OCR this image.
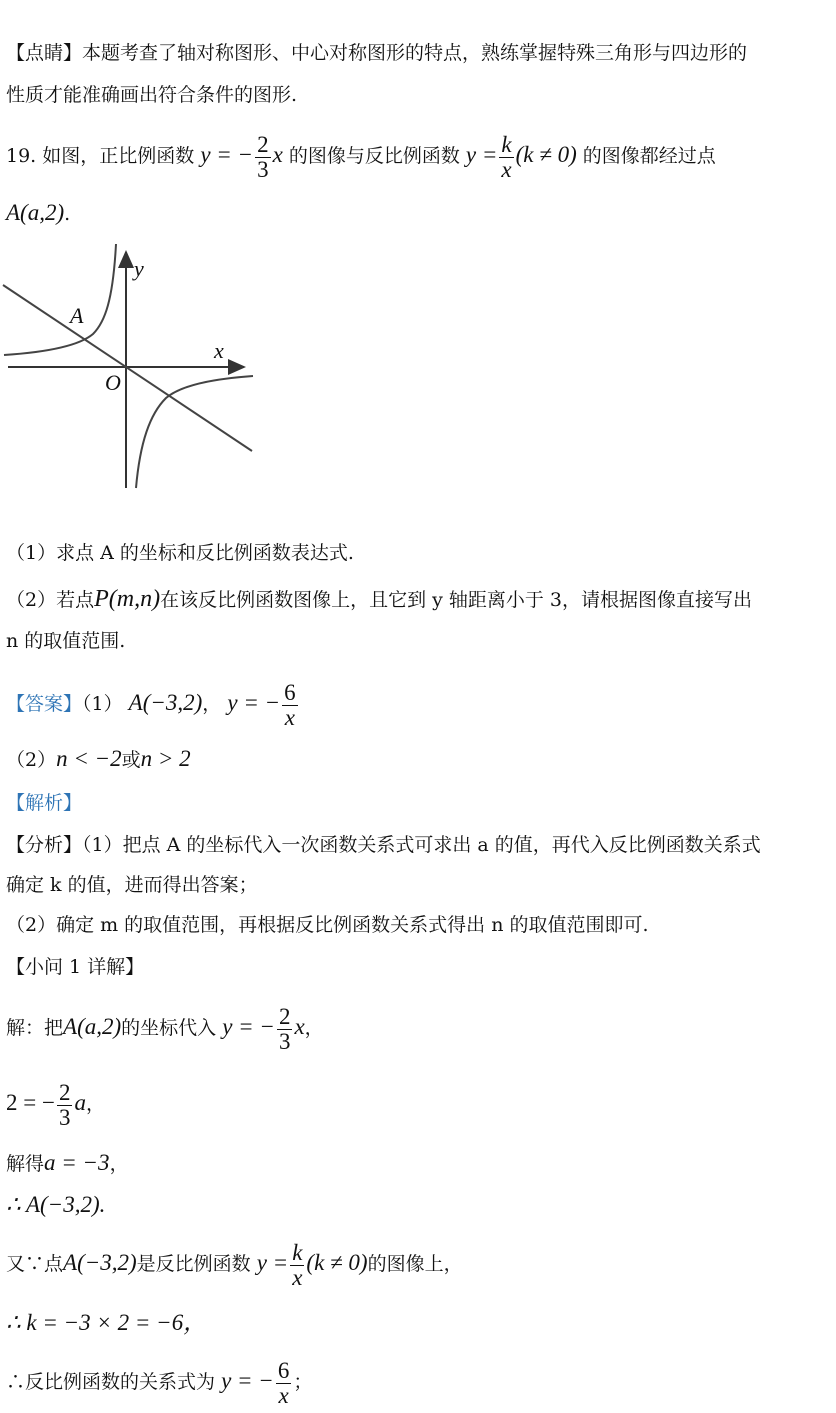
【点睛】本题考查了轴对称图形、中心对称图形的特点，熟练掌握特殊三角形与四边形的
性质才能准确画出符合条件的图形.
19. 如图，正比例函数 y = − $\frac{2}{3}$ x 的图像与反比例函数 $y = \frac{k}{x} (k \ne 0)$ 的图像都经过点
A(a,2).
y
x
O
A
（1）求点 A 的坐标和反比例函数表达式.
（2）若点P(m,n)在该反比例函数图像上，且它到 y 轴距离小于 3，请根据图像直接写出
n 的取值范围.
【答案】（1） A(−3,2)， y = − $\frac{6}{x}$
（2）n < −2或n > 2
【解析】
【分析】（1）把点 A 的坐标代入一次函数关系式可求出 a 的值，再代入反比例函数关系式
确定 k 的值，进而得出答案；
（2）确定 m 的取值范围，再根据反比例函数关系式得出 n 的取值范围即可.
【小问 1 详解】
解：把A(a,2)的坐标代入 y = − $\frac{2}{3}$ x，
2 = − $\frac{2}{3}$ a，
解得a = −3，
∴ A(−3,2).
又∵点A(−3,2)是反比例函数 $y = \frac{k}{x} (k \ne 0)$的图像上，
∴ k = −3 × 2 = −6，
∴反比例函数的关系式为 y = − $\frac{6}{x}$ ；
